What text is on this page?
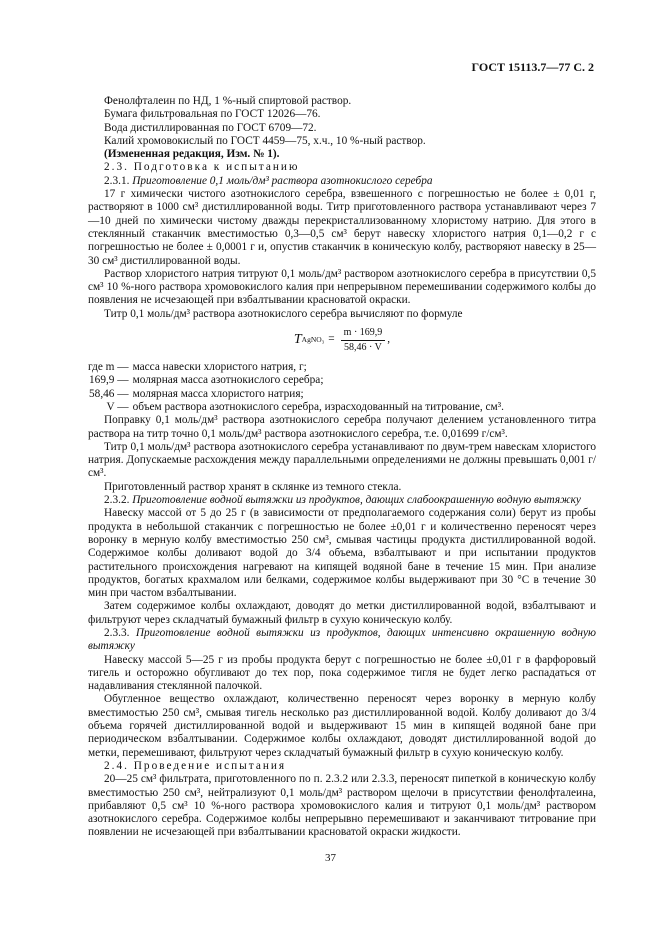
ГОСТ 15113.7—77 С. 2

Фенолфталеин по НД, 1 %-ный спиртовой раствор.

Бумага фильтровальная по ГОСТ 12026—76.

Вода дистиллированная по ГОСТ 6709—72.

Калий хромовокислый по ГОСТ 4459—75, х.ч., 10 %-ный раствор.

(Измененная редакция, Изм. № 1).

2.3. Подготовка к испытанию

2.3.1. Приготовление 0,1 моль/дм³ раствора азотнокислого серебра

17 г химически чистого азотнокислого серебра, взвешенного с погрешностью не более ± 0,01 г, растворяют в 1000 см³ дистиллированной воды. Титр приготовленного раствора устанавливают через 7—10 дней по химически чистому дважды перекристаллизованному хлористому натрию. Для этого в стеклянный стаканчик вместимостью 0,3—0,5 см³ берут навеску хлористого натрия 0,1—0,2 г с погрешностью не более ± 0,0001 г и, опустив стаканчик в коническую колбу, растворяют навеску в 25—30 см³ дистиллированной воды.

Раствор хлористого натрия титруют 0,1 моль/дм³ раствором азотнокислого серебра в присутствии 0,5 см³ 10 %-ного раствора хромовокислого калия при непрерывном перемешивании содержимого колбы до появления не исчезающей при взбалтывании красноватой окраски.

Титр 0,1 моль/дм³ раствора азотнокислого серебра вычисляют по формуле

T AgNO₃ = $\frac{m \cdot 169,9}{58,46 \cdot V}$ ,
где m — масса навески хлористого натрия, г;
169,9 — молярная масса азотнокислого серебра;
58,46 — молярная масса хлористого натрия;
V — объем раствора азотнокислого серебра, израсходованный на титрование, см³.

Поправку 0,1 моль/дм³ раствора азотнокислого серебра получают делением установленного титра раствора на титр точно 0,1 моль/дм³ раствора азотнокислого серебра, т.е. 0,01699 г/см³.

Титр 0,1 моль/дм³ раствора азотнокислого серебра устанавливают по двум-трем навескам хлористого натрия. Допускаемые расхождения между параллельными определениями не должны превышать 0,001 г/см³.

Приготовленный раствор хранят в склянке из темного стекла.

2.3.2. Приготовление водной вытяжки из продуктов, дающих слабоокрашенную водную вытяжку

Навеску массой от 5 до 25 г (в зависимости от предполагаемого содержания соли) берут из пробы продукта в небольшой стаканчик с погрешностью не более ±0,01 г и количественно переносят через воронку в мерную колбу вместимостью 250 см³, смывая частицы продукта дистиллированной водой. Содержимое колбы доливают водой до 3/4 объема, взбалтывают и при испытании продуктов растительного происхождения нагревают на кипящей водяной бане в течение 15 мин. При анализе продуктов, богатых крахмалом или белками, содержимое колбы выдерживают при 30 °С в течение 30 мин при частом взбалтывании.

Затем содержимое колбы охлаждают, доводят до метки дистиллированной водой, взбалтывают и фильтруют через складчатый бумажный фильтр в сухую коническую колбу.

2.3.3. Приготовление водной вытяжки из продуктов, дающих интенсивно окрашенную водную вытяжку

Навеску массой 5—25 г из пробы продукта берут с погрешностью не более ±0,01 г в фарфоровый тигель и осторожно обугливают до тех пор, пока содержимое тигля не будет легко распадаться от надавливания стеклянной палочкой.

Обугленное вещество охлаждают, количественно переносят через воронку в мерную колбу вместимостью 250 см³, смывая тигель несколько раз дистиллированной водой. Колбу доливают до 3/4 объема горячей дистиллированной водой и выдерживают 15 мин в кипящей водяной бане при периодическом взбалтывании. Содержимое колбы охлаждают, доводят дистиллированной водой до метки, перемешивают, фильтруют через складчатый бумажный фильтр в сухую коническую колбу.

2.4. Проведение испытания

20—25 см³ фильтрата, приготовленного по п. 2.3.2 или 2.3.3, переносят пипеткой в коническую колбу вместимостью 250 см³, нейтрализуют 0,1 моль/дм³ раствором щелочи в присутствии фенолфталеина, прибавляют 0,5 см³ 10 %-ного раствора хромовокислого калия и титруют 0,1 моль/дм³ раствором азотнокислого серебра. Содержимое колбы непрерывно перемешивают и заканчивают титрование при появлении не исчезающей при взбалтывании красноватой окраски жидкости.

37
